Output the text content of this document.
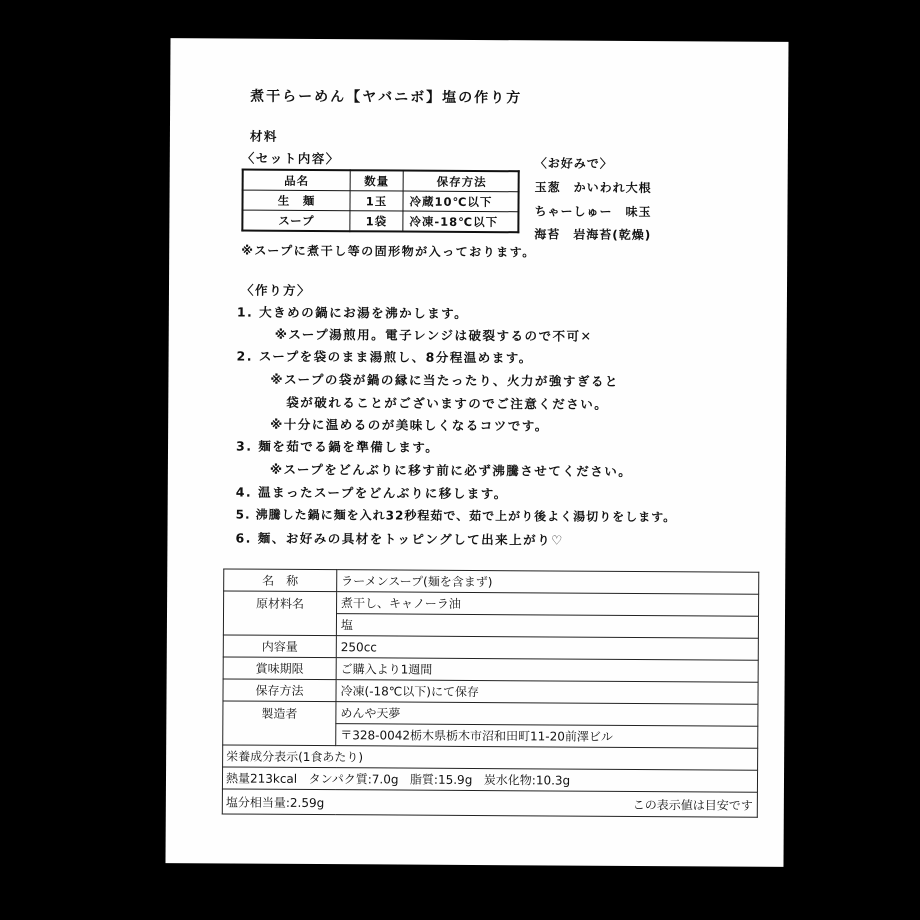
煮干らーめん【ヤバニボ】塩の作り方
材料
〈セット内容〉
品名	数量	保存方法
生　麺	1玉	冷蔵10℃以下
スープ	1袋	冷凍-18℃以下
※スープに煮干し等の固形物が入っております。
〈お好みで〉
玉葱　かいわれ大根
ちゃーしゅー　味玉
海苔　岩海苔(乾燥)
〈作り方〉
1. 大きめの鍋にお湯を沸かします。
※スープ湯煎用。電子レンジは破裂するので不可✕
2. スープを袋のまま湯煎し、8分程温めます。
※スープの袋が鍋の縁に当たったり、火力が強すぎると
袋が破れることがございますのでご注意ください。
※十分に温めるのが美味しくなるコツです。
3. 麺を茹でる鍋を準備します。
※スープをどんぶりに移す前に必ず沸騰させてください。
4. 温まったスープをどんぶりに移します。
5. 沸騰した鍋に麺を入れ32秒程茹で、茹で上がり後よく湯切りをします。
6. 麺、お好みの具材をトッピングして出来上がり♡
名　称	ラーメンスープ(麺を含まず)
原材料名	煮干し、キャノーラ油
	塩
内容量	250cc
賞味期限	ご購入より1週間
保存方法	冷凍(-18℃以下)にて保存
製造者	めんや天夢
	〒328-0042栃木県栃木市沼和田町11-20前澤ビル
栄養成分表示(1食あたり)	
熱量213kcal タンパク質:7.0g 脂質:15.9g 炭水化物:10.3g	

塩分相当量:2.59g この表示値は目安です	
